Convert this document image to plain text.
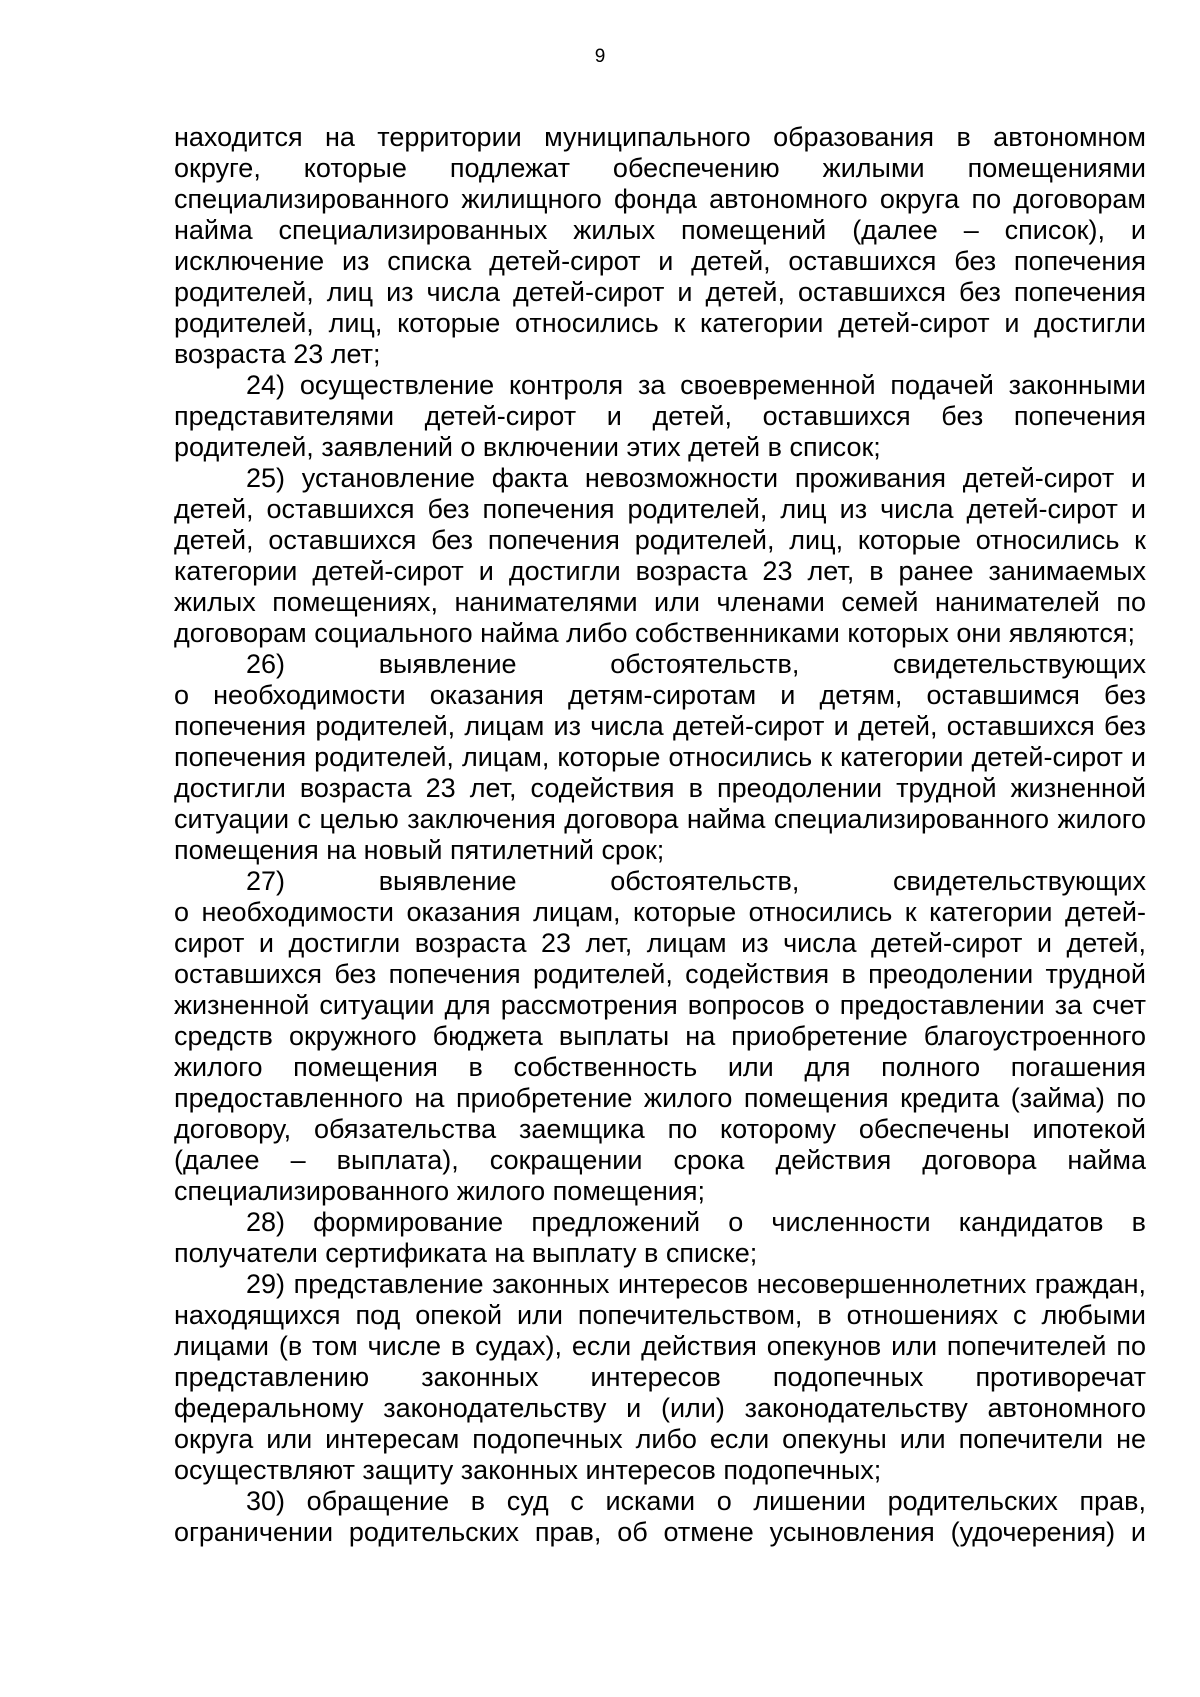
9

находится на территории муниципального образования в автономном округе, которые подлежат обеспечению жилыми помещениями специализированного жилищного фонда автономного округа по договорам найма специализированных жилых помещений (далее – список), и исключение из списка детей-сирот и детей, оставшихся без попечения родителей, лиц из числа детей-сирот и детей, оставшихся без попечения родителей, лиц, которые относились к категории детей-сирот и достигли возраста 23 лет;

24) осуществление контроля за своевременной подачей законными представителями детей-сирот и детей, оставшихся без попечения родителей, заявлений о включении этих детей в список;

25) установление факта невозможности проживания детей-сирот и детей, оставшихся без попечения родителей, лиц из числа детей-сирот и детей, оставшихся без попечения родителей, лиц, которые относились к категории детей-сирот и достигли возраста 23 лет, в ранее занимаемых жилых помещениях, нанимателями или членами семей нанимателей по договорам социального найма либо собственниками которых они являются;

26) выявление обстоятельств, свидетельствующих

о необходимости оказания детям-сиротам и детям, оставшимся без попечения родителей, лицам из числа детей-сирот и детей, оставшихся без попечения родителей, лицам, которые относились к категории детей-сирот и достигли возраста 23 лет, содействия в преодолении трудной жизненной ситуации с целью заключения договора найма специализированного жилого помещения на новый пятилетний срок;

27) выявление обстоятельств, свидетельствующих

о необходимости оказания лицам, которые относились к категории детей-сирот и достигли возраста 23 лет, лицам из числа детей-сирот и детей, оставшихся без попечения родителей, содействия в преодолении трудной жизненной ситуации для рассмотрения вопросов о предоставлении за счет средств окружного бюджета выплаты на приобретение благоустроенного жилого помещения в собственность или для полного погашения предоставленного на приобретение жилого помещения кредита (займа) по договору, обязательства заемщика по которому обеспечены ипотекой (далее – выплата), сокращении срока действия договора найма специализированного жилого помещения;

28) формирование предложений о численности кандидатов в получатели сертификата на выплату в списке;

29) представление законных интересов несовершеннолетних граждан, находящихся под опекой или попечительством, в отношениях с любыми лицами (в том числе в судах), если действия опекунов или попечителей по представлению законных интересов подопечных противоречат федеральному законодательству и (или) законодательству автономного округа или интересам подопечных либо если опекуны или попечители не осуществляют защиту законных интересов подопечных;

30) обращение в суд с исками о лишении родительских прав, ограничении родительских прав, об отмене усыновления (удочерения) и
